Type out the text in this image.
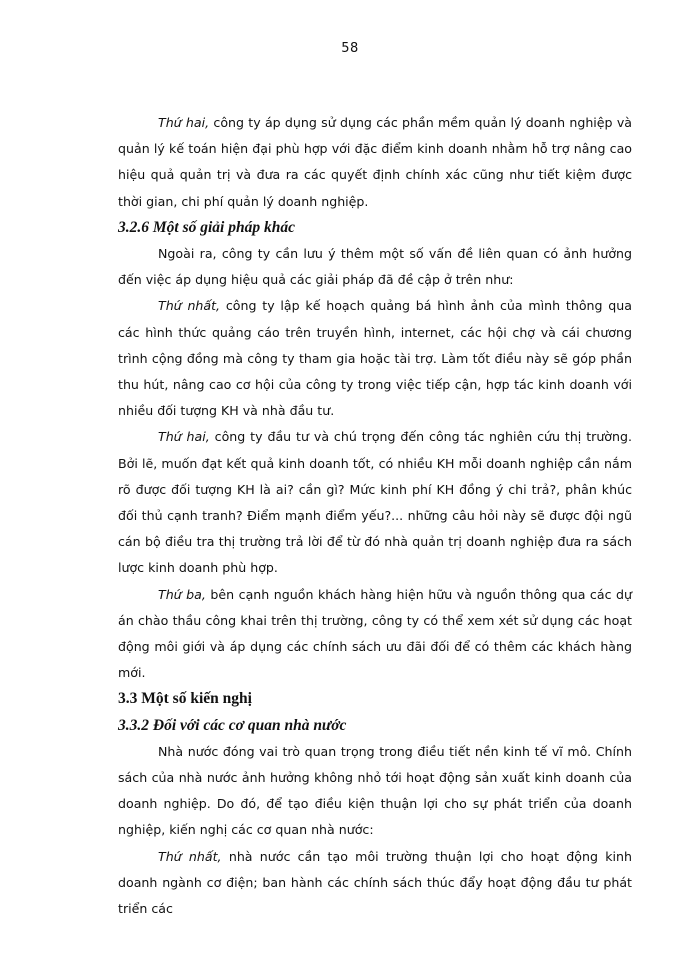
58

Thứ hai, công ty áp dụng sử dụng các phần mềm quản lý doanh nghiệp và quản lý kế toán hiện đại phù hợp với đặc điểm kinh doanh nhằm hỗ trợ nâng cao hiệu quả quản trị và đưa ra các quyết định chính xác cũng như tiết kiệm được thời gian, chi phí quản lý doanh nghiệp.

3.2.6 Một số giải pháp khác

Ngoài ra, công ty cần lưu ý thêm một số vấn đề liên quan có ảnh hưởng đến việc áp dụng hiệu quả các giải pháp đã đề cập ở trên như:

Thứ nhất, công ty lập kế hoạch quảng bá hình ảnh của mình thông qua các hình thức quảng cáo trên truyền hình, internet, các hội chợ và cái chương trình cộng đồng mà công ty tham gia hoặc tài trợ. Làm tốt điều này sẽ góp phần thu hút, nâng cao cơ hội của công ty trong việc tiếp cận, hợp tác kinh doanh với nhiều đối tượng KH và nhà đầu tư.

Thứ hai, công ty đầu tư và chú trọng đến công tác nghiên cứu thị trường. Bởi lẽ, muốn đạt kết quả kinh doanh tốt, có nhiều KH mỗi doanh nghiệp cần nắm rõ được đối tượng KH là ai? cần gì? Mức kinh phí KH đồng ý chi trả?, phân khúc đối thủ cạnh tranh? Điểm mạnh điểm yếu?... những câu hỏi này sẽ được đội ngũ cán bộ điều tra thị trường trả lời để từ đó nhà quản trị doanh nghiệp đưa ra sách lược kinh doanh phù hợp.

Thứ ba, bên cạnh nguồn khách hàng hiện hữu và nguồn thông qua các dự án chào thầu công khai trên thị trường, công ty có thể xem xét sử dụng các hoạt động môi giới và áp dụng các chính sách ưu đãi đối để có thêm các khách hàng mới.

3.3 Một số kiến nghị

3.3.2 Đối với các cơ quan nhà nước

Nhà nước đóng vai trò quan trọng trong điều tiết nền kinh tế vĩ mô. Chính sách của nhà nước ảnh hưởng không nhỏ tới hoạt động sản xuất kinh doanh của doanh nghiệp. Do đó, để tạo điều kiện thuận lợi cho sự phát triển của doanh nghiệp, kiến nghị các cơ quan nhà nước:

Thứ nhất, nhà nước cần tạo môi trường thuận lợi cho hoạt động kinh doanh ngành cơ điện; ban hành các chính sách thúc đẩy hoạt động đầu tư phát triển các
